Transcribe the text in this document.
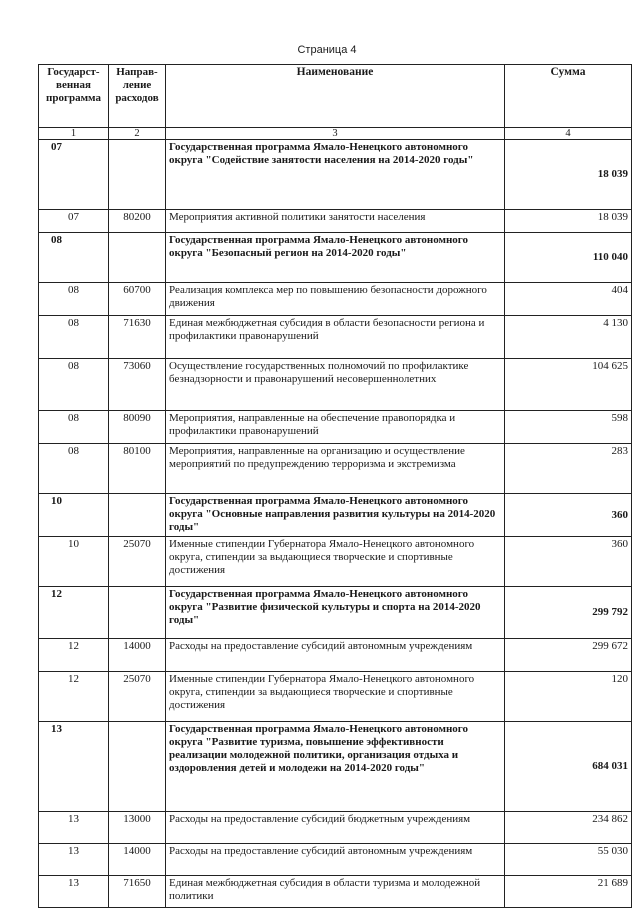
Страница 4
Государст-венная программа	Направ-ление расходов	Наименование	Сумма
1	2	3	4
07		Государственная программа Ямало-Ненецкого автономного округа "Содействие занятости населения на 2014-2020 годы"	18 039
07	80200	Мероприятия активной политики занятости населения	18 039
08		Государственная программа Ямало-Ненецкого автономного округа "Безопасный регион на 2014-2020 годы"	110 040
08	60700	Реализация комплекса мер по повышению безопасности дорожного движения	404
08	71630	Единая межбюджетная субсидия в области безопасности региона и профилактики правонарушений	4 130
08	73060	Осуществление государственных полномочий по профилактике безнадзорности и правонарушений несовершеннолетних	104 625
08	80090	Мероприятия, направленные на обеспечение правопорядка и профилактики правонарушений	598
08	80100	Мероприятия, направленные на организацию и осуществление мероприятий по предупреждению терроризма и экстремизма	283
10		Государственная программа Ямало-Ненецкого автономного округа "Основные направления развития культуры на 2014-2020 годы"	360
10	25070	Именные стипендии Губернатора Ямало-Ненецкого автономного округа, стипендии за выдающиеся творческие и спортивные достижения	360
12		Государственная программа Ямало-Ненецкого автономного округа "Развитие физической культуры и спорта на 2014-2020 годы"	299 792
12	14000	Расходы на предоставление субсидий автономным учреждениям	299 672
12	25070	Именные стипендии Губернатора Ямало-Ненецкого автономного округа, стипендии за выдающиеся творческие и спортивные достижения	120
13		Государственная программа Ямало-Ненецкого автономного округа "Развитие туризма, повышение эффективности реализации молодежной политики, организация отдыха и оздоровления детей и молодежи на 2014-2020 годы"	684 031
13	13000	Расходы на предоставление субсидий бюджетным учреждениям	234 862
13	14000	Расходы на предоставление субсидий автономным учреждениям	55 030
13	71650	Единая межбюджетная субсидия в области туризма и молодежной политики	21 689
